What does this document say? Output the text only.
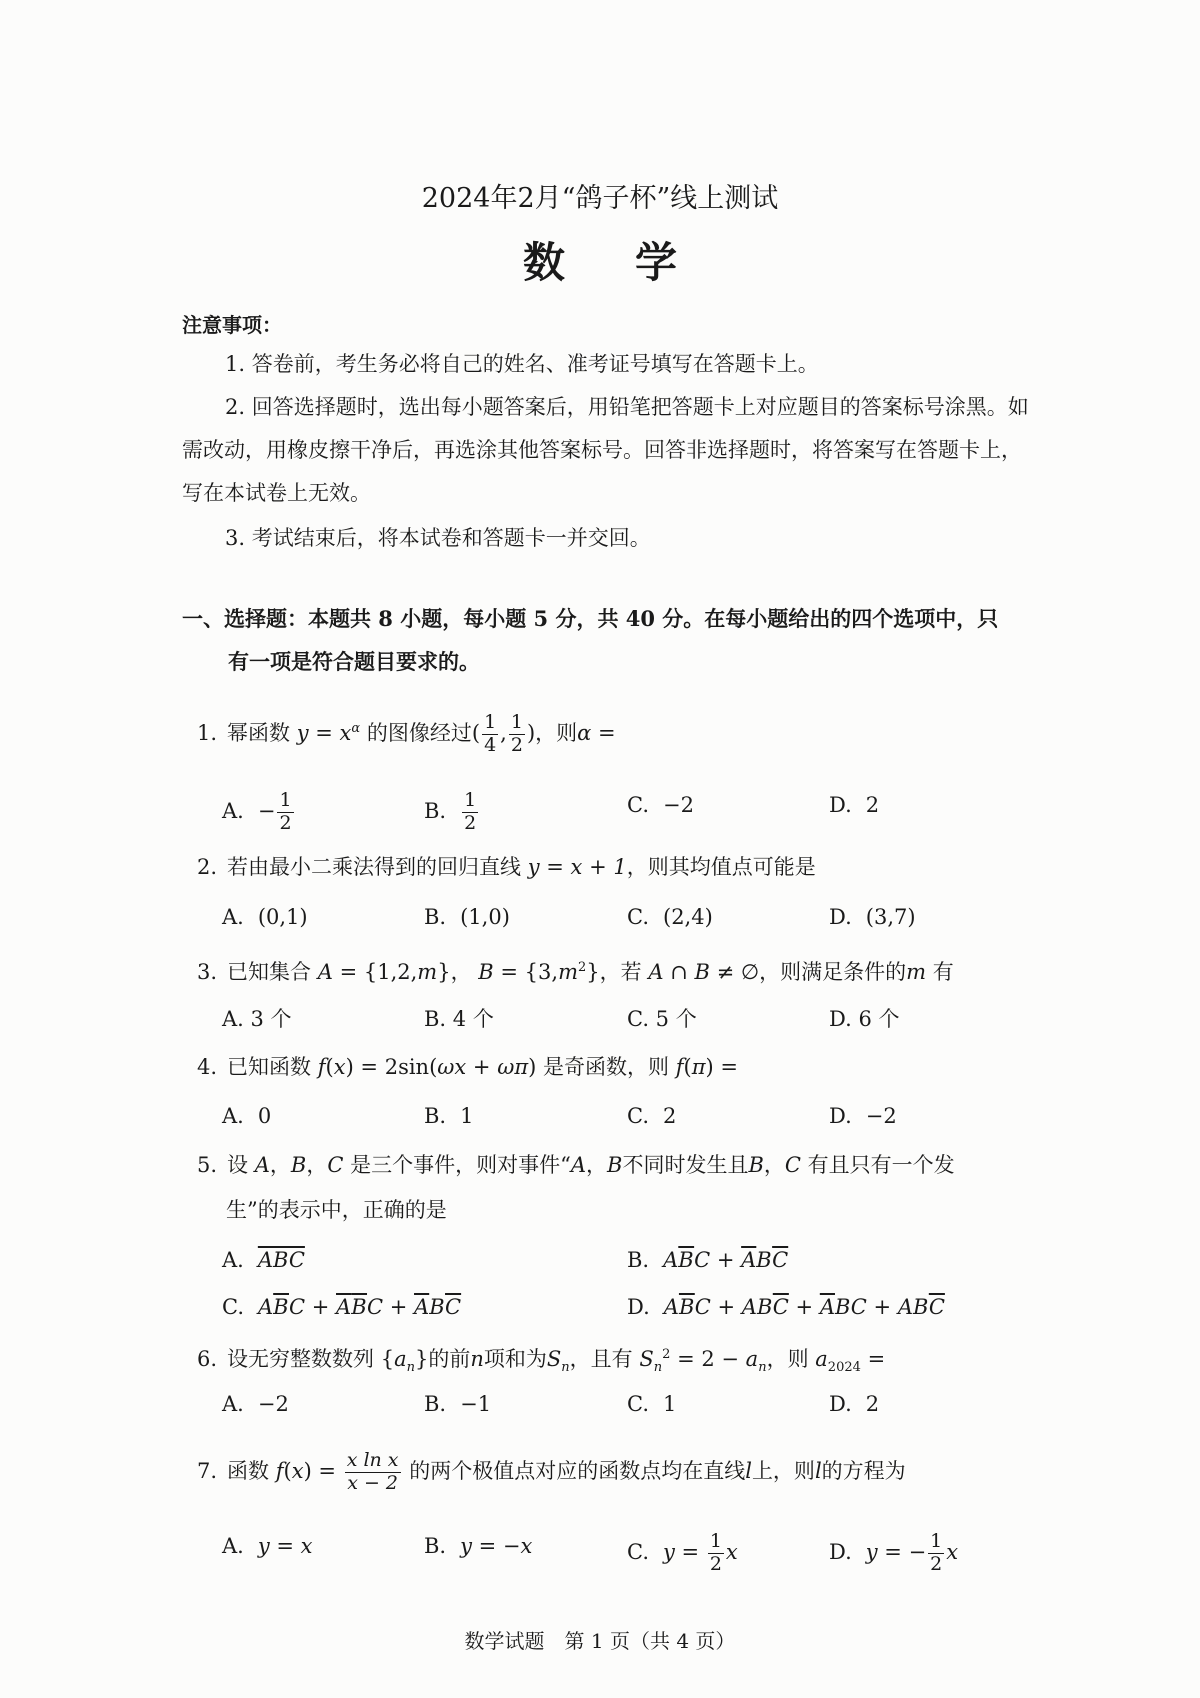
2024年2月“鸽子杯”线上测试
数学
注意事项：
1. 答卷前，考生务必将自己的姓名、准考证号填写在答题卡上。
2. 回答选择题时，选出每小题答案后，用铅笔把答题卡上对应题目的答案标号涂黑。如需改动，用橡皮擦干净后，再选涂其他答案标号。回答非选择题时，将答案写在答题卡上，写在本试卷上无效。
3. 考试结束后，将本试卷和答题卡一并交回。
一、选择题：本题共 8 小题，每小题 5 分，共 40 分。在每小题给出的四个选项中，只
有一项是符合题目要求的。
1. 幂函数 $y = x^\alpha$ 的图像经过( $\frac{1}{4}$ , $\frac{1}{2}$ )，则α =
A. − $\frac{1}{2}$	B. $\frac{1}{2}$	C. −2	D. 2
2. 若由最小二乘法得到的回归直线 y = x + 1，则其均值点可能是
A. (0,1)	B. (1,0)	C. (2,4)	D. (3,7)
3. 已知集合 A = {1,2,m}， $B = \{3,m^2\}$，若 A ∩ B ≠ ∅，则满足条件的m 有
A. 3 个	B. 4 个	C. 5 个	D. 6 个
4. 已知函数 f(x) = 2sin(ωx + ωπ) 是奇函数，则 f(π) =
A. 0	B. 1	C. 2	D. −2
5. 设 A，B，C 是三个事件，则对事件“A，B不同时发生且B，C 有且只有一个发
生”的表示中，正确的是
A. $\overline{ABC}$	B. $A\overline{B}C + \overline{A}B\overline{C}$
C. $A\overline{B}C + \overline{A}\overline{B}C + \overline{A}B\overline{C}$	D. $A\overline{B}C + AB\overline{C} + \overline{A}BC + AB\overline{C}$
6. 设无穷整数数列 $\{a_n\}$的前n项和为$S_n$，且有 $S_n^2 = 2 - a_n$，则 $a_{2024}$ =
A. −2	B. −1	C. 1	D. 2
7. 函数 $f(x) = \frac{\text{x ln x}}{x - 2}$ 的两个极值点对应的函数点均在直线l上，则l的方程为
A. y = x	B. y = −x	C. $y = \frac{1}{2}$ x	D. y = − $\frac{1}{2}$ x
数学试题　第 1 页（共 4 页）
